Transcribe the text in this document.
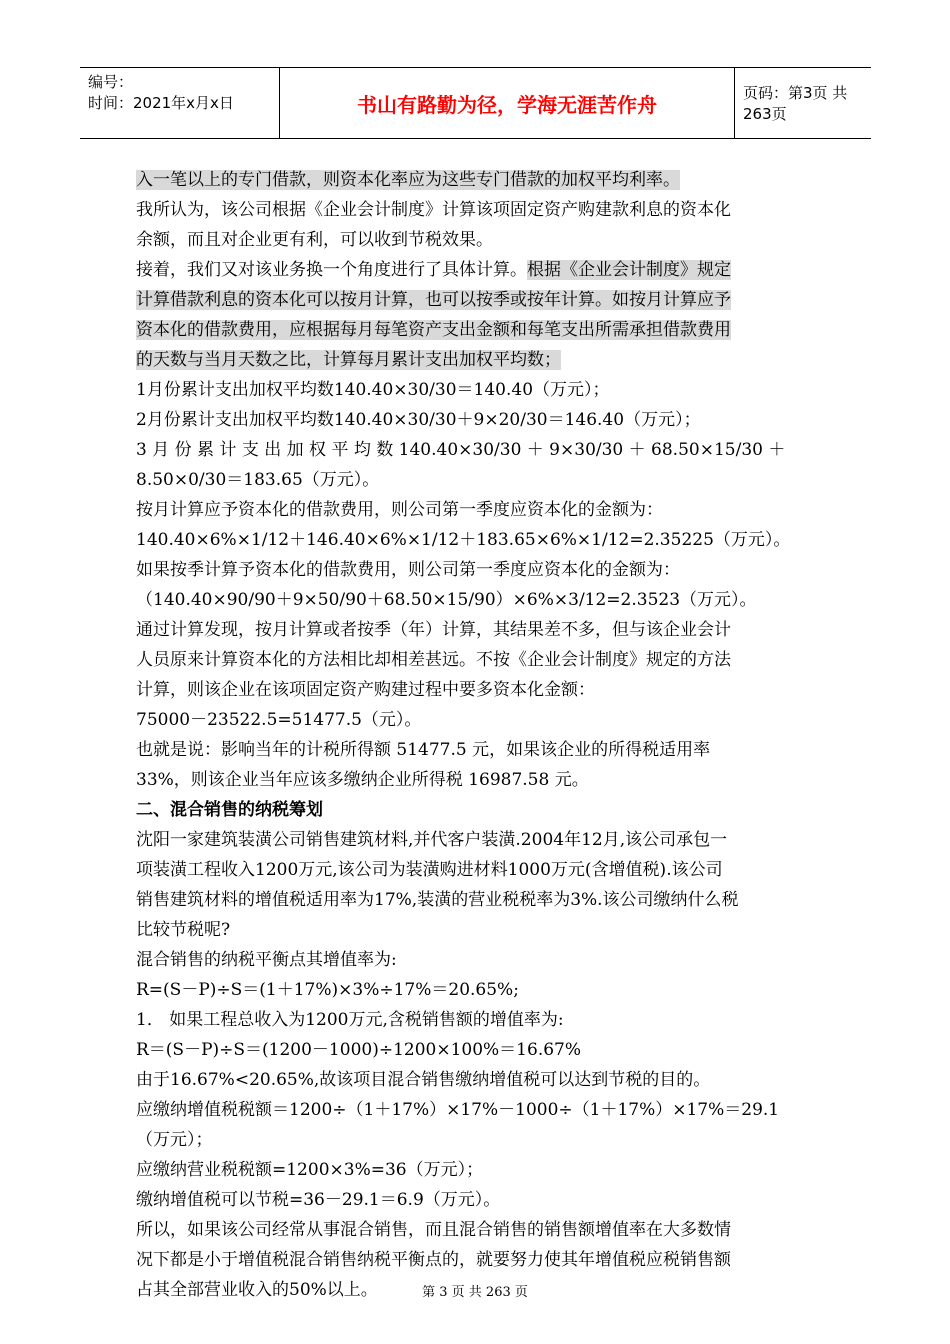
编号：
时间：2021年x月x日	书山有路勤为径，学海无涯苦作舟	页码：第3页 共263页
入一笔以上的专门借款，则资本化率应为这些专门借款的加权平均利率。
我所认为，该公司根据《企业会计制度》计算该项固定资产购建款利息的资本化
余额，而且对企业更有利，可以收到节税效果。
接着，我们又对该业务换一个角度进行了具体计算。根据《企业会计制度》规定
计算借款利息的资本化可以按月计算，也可以按季或按年计算。如按月计算应予
资本化的借款费用，应根据每月每笔资产支出金额和每笔支出所需承担借款费用
的天数与当月天数之比，计算每月累计支出加权平均数；
1月份累计支出加权平均数140.40×30/30＝140.40（万元）；
2月份累计支出加权平均数140.40×30/30＋9×20/30＝146.40（万元）；
3 月 份 累 计 支 出 加 权 平 均 数 140.40×30/30 ＋ 9×30/30 ＋ 68.50×15/30 ＋
8.50×0/30＝183.65（万元）。
按月计算应予资本化的借款费用，则公司第一季度应资本化的金额为：
140.40×6%×1/12＋146.40×6%×1/12＋183.65×6%×1/12=2.35225（万元）。
如果按季计算予资本化的借款费用，则公司第一季度应资本化的金额为：
（140.40×90/90＋9×50/90＋68.50×15/90）×6%×3/12=2.3523（万元）。
通过计算发现，按月计算或者按季（年）计算，其结果差不多，但与该企业会计
人员原来计算资本化的方法相比却相差甚远。不按《企业会计制度》规定的方法
计算，则该企业在该项固定资产购建过程中要多资本化金额：
75000－23522.5=51477.5（元）。
也就是说：影响当年的计税所得额 51477.5 元，如果该企业的所得税适用率
33%，则该企业当年应该多缴纳企业所得税 16987.58 元。
二、混合销售的纳税筹划
沈阳一家建筑装潢公司销售建筑材料,并代客户装潢.2004年12月,该公司承包一
项装潢工程收入1200万元,该公司为装潢购进材料1000万元(含增值税).该公司
销售建筑材料的增值税适用率为17%,装潢的营业税税率为3%.该公司缴纳什么税
比较节税呢?
混合销售的纳税平衡点其增值率为:
R=(S－P)÷S＝(1＋17%)×3%÷17%＝20.65%;
1． 如果工程总收入为1200万元,含税销售额的增值率为:
R＝(S－P)÷S＝(1200－1000)÷1200×100%＝16.67%
由于16.67%<20.65%,故该项目混合销售缴纳增值税可以达到节税的目的。
应缴纳增值税税额＝1200÷（1＋17%）×17%－1000÷（1＋17%）×17%＝29.1
（万元）；
应缴纳营业税税额=1200×3%=36（万元）；
缴纳增值税可以节税=36－29.1＝6.9（万元）。
所以，如果该公司经常从事混合销售，而且混合销售的销售额增值率在大多数情
况下都是小于增值税混合销售纳税平衡点的，就要努力使其年增值税应税销售额
占其全部营业收入的50%以上。	第 3 页 共 263 页
